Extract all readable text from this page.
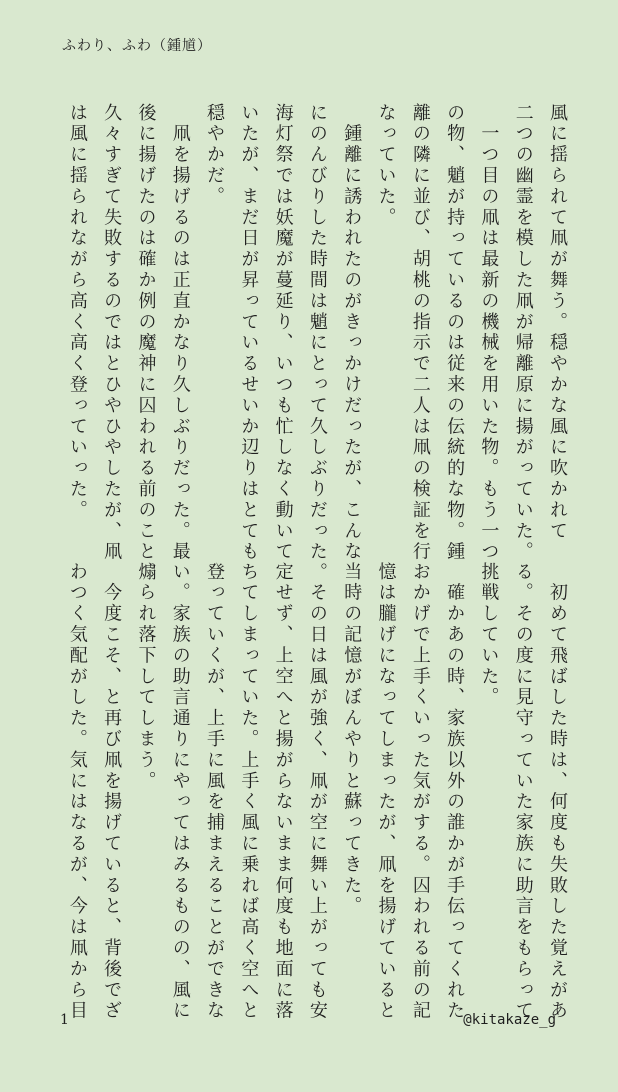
ふわり、ふわ（鍾馗）
風に揺られて凧が舞う。穏やかな風に吹かれて
二つの幽霊を模した凧が帰離原に揚がっていた。
　一つ目の凧は最新の機械を用いた物。もう一つ
の物、魈が持っているのは従来の伝統的な物。鍾
離の隣に並び、胡桃の指示で二人は凧の検証を行
なっていた。
　鍾離に誘われたのがきっかけだったが、こんな
にのんびりした時間は魈にとって久しぶりだった。
海灯祭では妖魔が蔓延り、いつも忙しなく動いて
いたが、まだ日が昇っているせいか辺りはとても
穏やかだ。
　凧を揚げるのは正直かなり久しぶりだった。最
後に揚げたのは確か例の魔神に囚われる前のこと。
久々すぎて失敗するのではとひやひやしたが、凧
は風に揺られながら高く高く登っていった。
　初めて飛ばした時は、何度も失敗した覚えがあ
る。その度に見守っていた家族に助言をもらって
挑戦していた。
　確かあの時、家族以外の誰かが手伝ってくれた
おかげで上手くいった気がする。囚われる前の記
憶は朧げになってしまったが、凧を揚げていると
当時の記憶がぼんやりと蘇ってきた。
　その日は風が強く、凧が空に舞い上がっても安
定せず、上空へと揚がらないまま何度も地面に落
ちてしまっていた。上手く風に乗れば高く空へと
登っていくが、上手に風を捕まえることができな
い。家族の助言通りにやってはみるものの、風に
煽られ落下してしまう。
　今度こそ、と再び凧を揚げていると、背後でざ
わつく気配がした。気にはなるが、今は凧から目
1	@kitakaze_g
